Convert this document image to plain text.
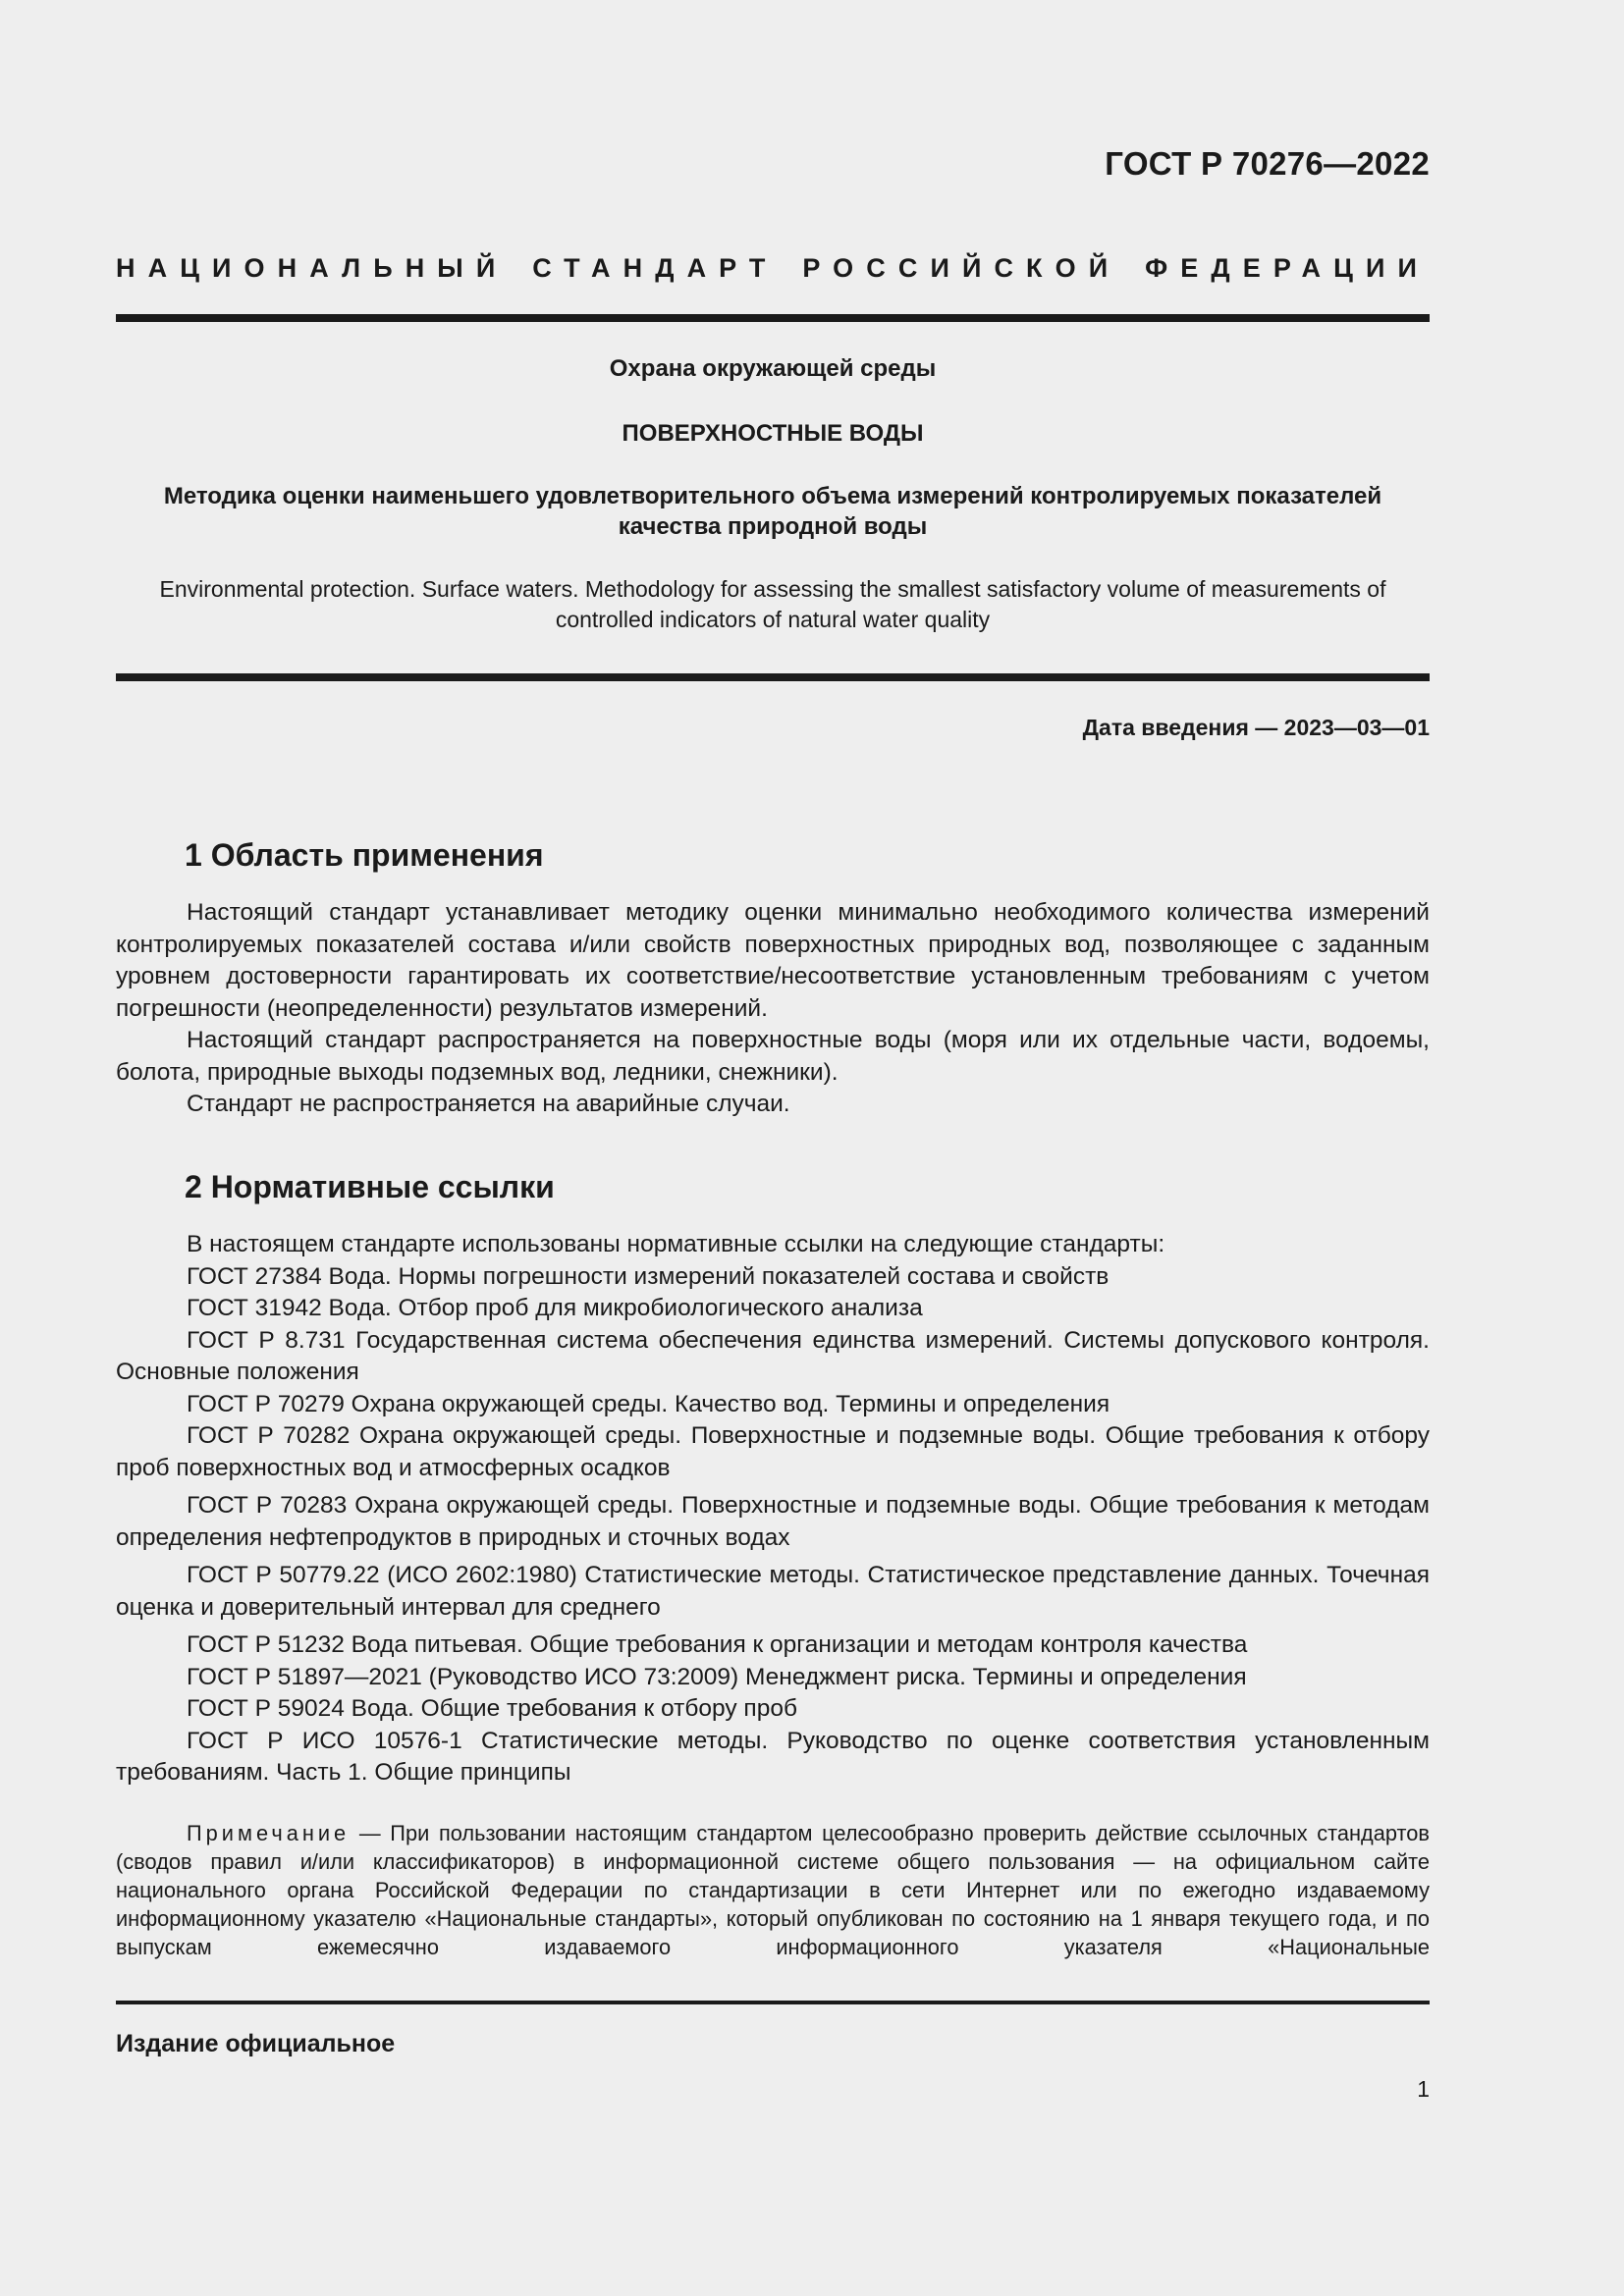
ГОСТ Р 70276—2022
НАЦИОНАЛЬНЫЙ СТАНДАРТ РОССИЙСКОЙ ФЕДЕРАЦИИ
Охрана окружающей среды
ПОВЕРХНОСТНЫЕ ВОДЫ
Методика оценки наименьшего удовлетворительного объема измерений контролируемых показателей качества природной воды
Environmental protection. Surface waters. Methodology for assessing the smallest satisfactory volume of measurements of controlled indicators of natural water quality
Дата введения — 2023—03—01
1 Область применения

Настоящий стандарт устанавливает методику оценки минимально необходимого количества измерений контролируемых показателей состава и/или свойств поверхностных природных вод, позволяющее с заданным уровнем достоверности гарантировать их соответствие/несоответствие установленным требованиям с учетом погрешности (неопределенности) результатов измерений.

Настоящий стандарт распространяется на поверхностные воды (моря или их отдельные части, водоемы, болота, природные выходы подземных вод, ледники, снежники).

Стандарт не распространяется на аварийные случаи.

2 Нормативные ссылки

В настоящем стандарте использованы нормативные ссылки на следующие стандарты:

ГОСТ 27384 Вода. Нормы погрешности измерений показателей состава и свойств

ГОСТ 31942 Вода. Отбор проб для микробиологического анализа

ГОСТ Р 8.731 Государственная система обеспечения единства измерений. Системы допускового контроля. Основные положения

ГОСТ Р 70279 Охрана окружающей среды. Качество вод. Термины и определения

ГОСТ Р 70282 Охрана окружающей среды. Поверхностные и подземные воды. Общие требования к отбору проб поверхностных вод и атмосферных осадков

ГОСТ Р 70283 Охрана окружающей среды. Поверхностные и подземные воды. Общие требования к методам определения нефтепродуктов в природных и сточных водах

ГОСТ Р 50779.22 (ИСО 2602:1980) Статистические методы. Статистическое представление данных. Точечная оценка и доверительный интервал для среднего

ГОСТ Р 51232 Вода питьевая. Общие требования к организации и методам контроля качества

ГОСТ Р 51897—2021 (Руководство ИСО 73:2009) Менеджмент риска. Термины и определения

ГОСТ Р 59024 Вода. Общие требования к отбору проб

ГОСТ Р ИСО 10576-1 Статистические методы. Руководство по оценке соответствия установленным требованиям. Часть 1. Общие принципы

Примечание — При пользовании настоящим стандартом целесообразно проверить действие ссылочных стандартов (сводов правил и/или классификаторов) в информационной системе общего пользования — на официальном сайте национального органа Российской Федерации по стандартизации в сети Интернет или по ежегодно издаваемому информационному указателю «Национальные стандарты», который опубликован по состоянию на 1 января текущего года, и по выпускам ежемесячно издаваемого информационного указателя «Национальные

Издание официальное
1
